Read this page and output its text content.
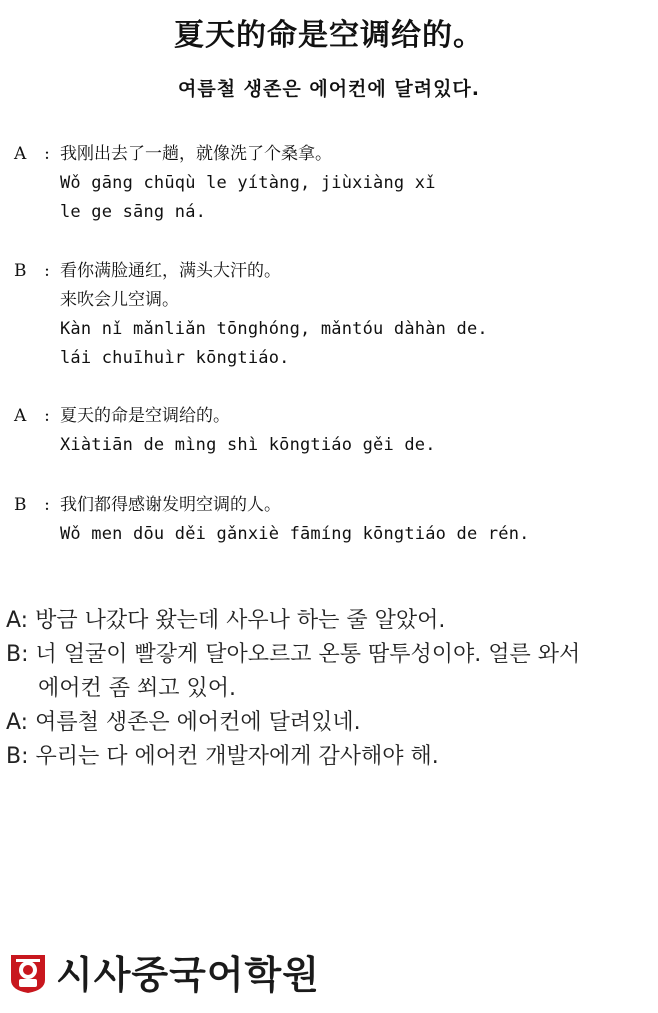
夏天的命是空调给的。
여름철 생존은 에어컨에 달려있다.
A	: 我刚出去了一趟，就像洗了个桑拿。
Wǒ gāng chūqù le yítàng, jiùxiàng xǐ
le ge sāng ná.
B	: 看你满脸通红，满头大汗的。
来吹会儿空调。
Kàn nǐ mǎnliǎn tōnghóng, mǎntóu dàhàn de.
lái chuīhuìr kōngtiáo.
A	: 夏天的命是空调给的。
Xiàtiān de mìng shì kōngtiáo gěi de.
B	: 我们都得感谢发明空调的人。
Wǒ men dōu děi gǎnxiè fāmíng kōngtiáo de rén.
A: 방금 나갔다 왔는데 사우나 하는 줄 알았어.
B: 너 얼굴이 빨갛게 달아오르고 온통 땀투성이야. 얼른 와서
에어컨 좀 쐬고 있어.
A: 여름철 생존은 에어컨에 달려있네.
B: 우리는 다 에어컨 개발자에게 감사해야 해.
시사중국어학원
